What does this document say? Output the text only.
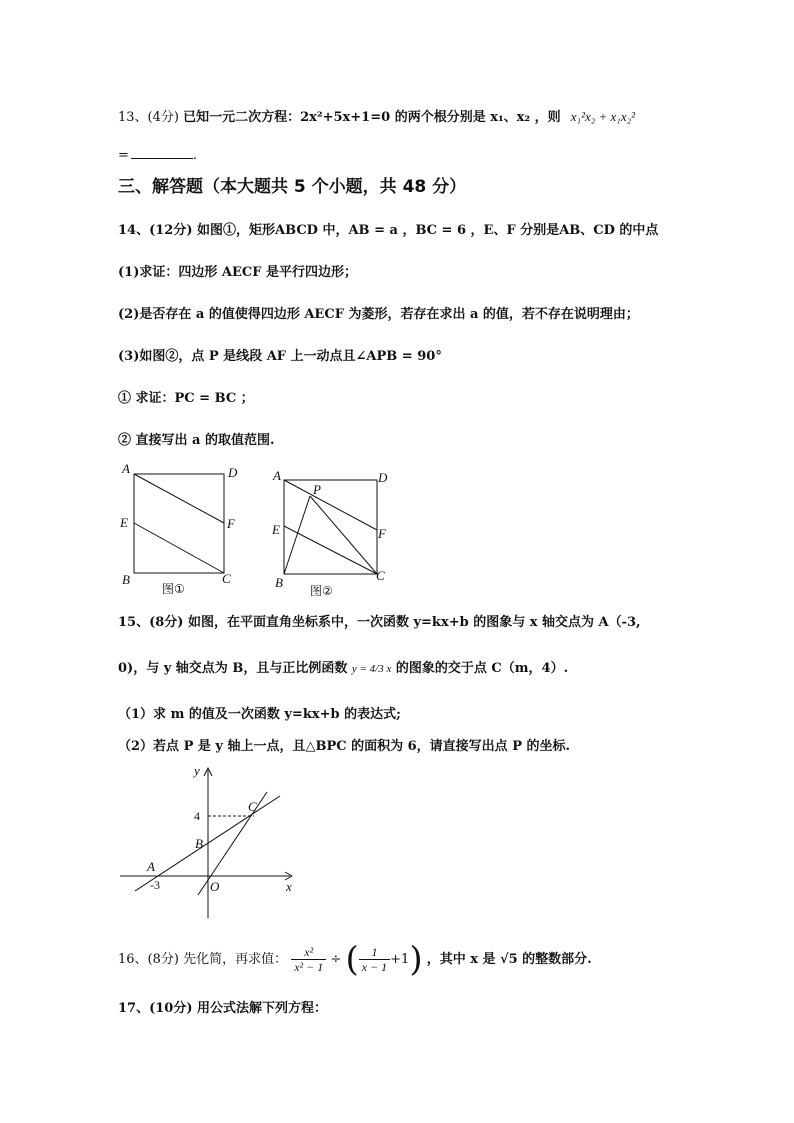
13、(4分) 已知一元二次方程：2x²+5x+1=0 的两个根分别是 x₁、x₂ ，则 x₁²x₂ + x₁x₂²
=	.
三、解答题（本大题共 5 个小题，共 48 分）
14、(12分) 如图①，矩形ABCD 中，AB = a ，BC = 6 ，E、F 分别是AB、CD 的中点
(1)求证：四边形 AECF 是平行四边形；
(2)是否存在 a 的值使得四边形 AECF 为菱形，若存在求出 a 的值，若不存在说明理由；
(3)如图②，点 P 是线段 AF 上一动点且∠APB = 90°
① 求证：PC = BC ；
② 直接写出 a 的取值范围.
A	D
E	F
B	C
图①
A
P
D
E	F
B	C
图②
15、(8分) 如图，在平面直角坐标系中，一次函数 y=kx+b 的图象与 x 轴交点为 A（-3,
0)，与 y 轴交点为 B，且与正比例函数 y = 4/3 x 的图象的交于点 C（m，4）.
（1）求 m 的值及一次函数 y=kx+b 的表达式;
（2）若点 P 是 y 轴上一点，且△BPC 的面积为 6，请直接写出点 P 的坐标.
y
x
O
C
B
A
4
-3
16、(8分) 先化简，再求值： $\frac{\text{x²}}{\text{x² − 1}}$ ÷ ( $\frac{1}{x - 1} +1$) ，其中 x 是 √5 的整数部分.
17、(10分) 用公式法解下列方程：
